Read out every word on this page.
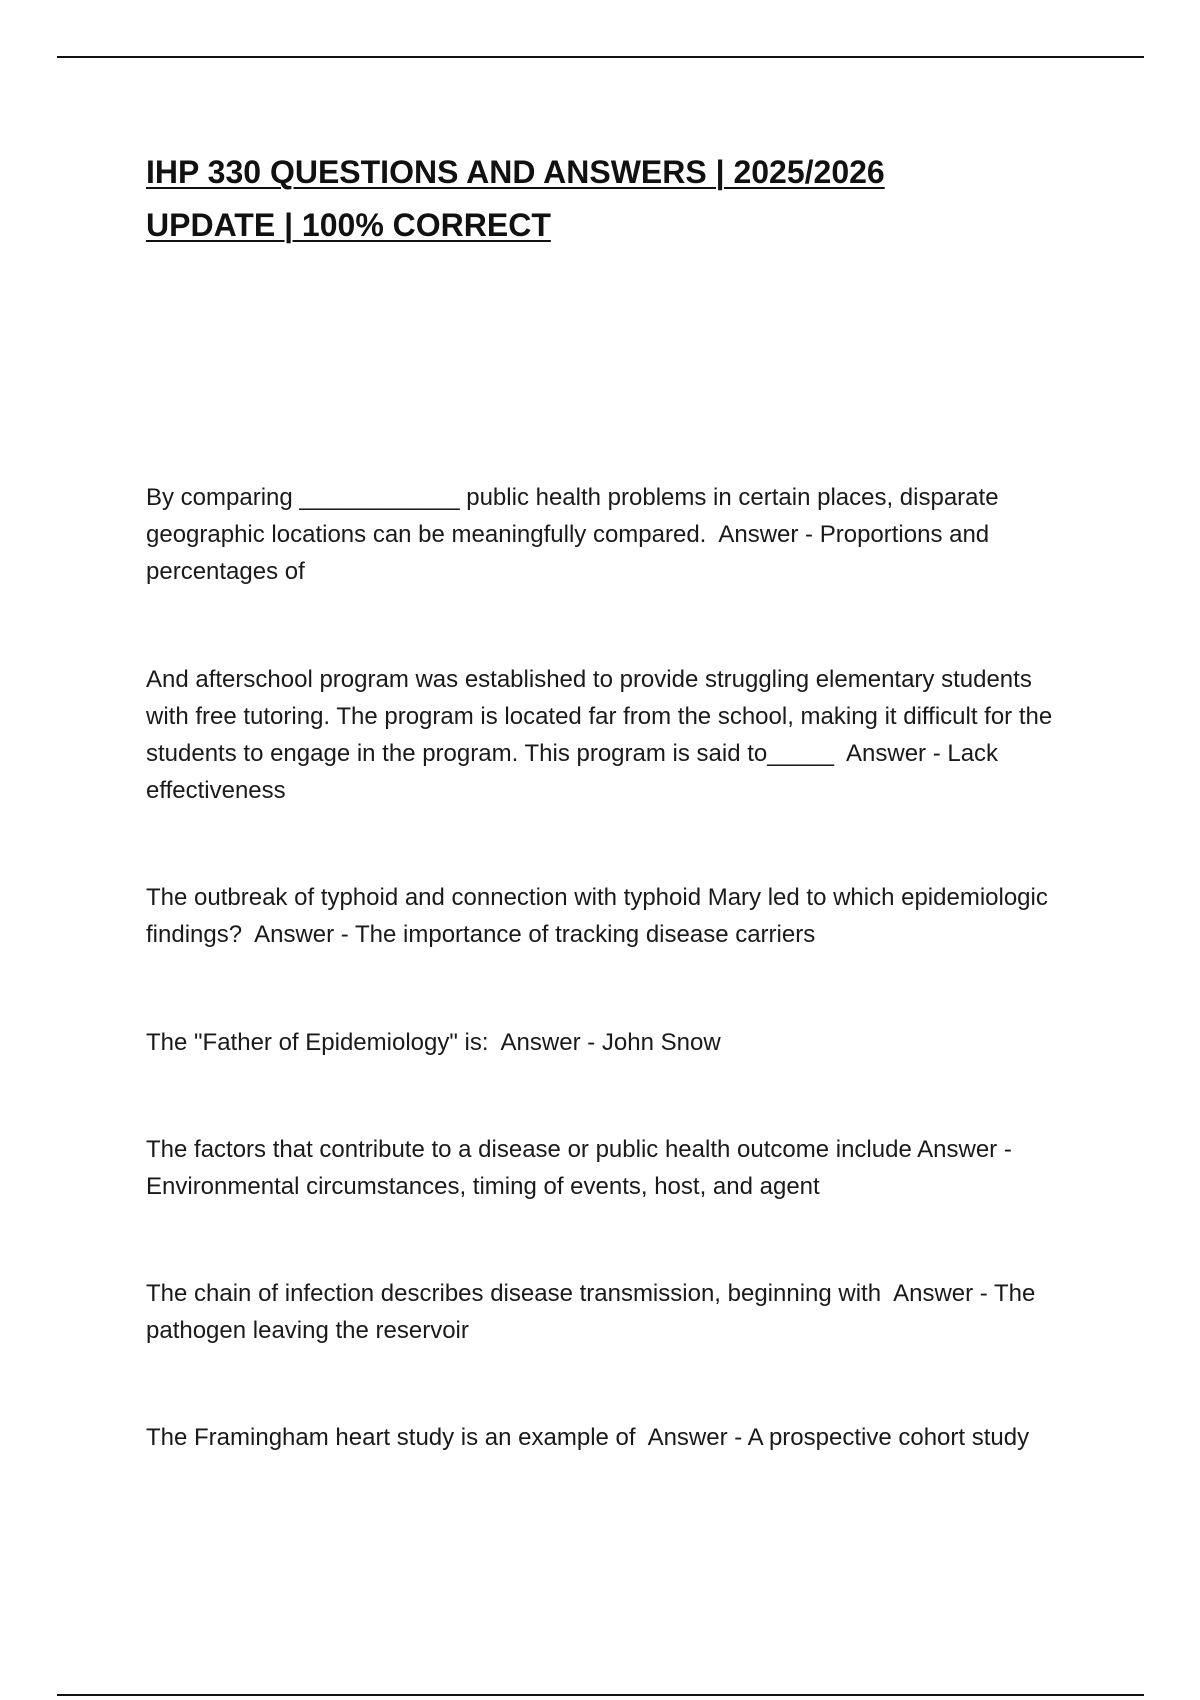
IHP 330 QUESTIONS AND ANSWERS | 2025/2026
UPDATE | 100% CORRECT

By comparing ____________ public health problems in certain places, disparate geographic locations can be meaningfully compared. Answer - Proportions and percentages of

And afterschool program was established to provide struggling elementary students with free tutoring. The program is located far from the school, making it difficult for the students to engage in the program. This program is said to_____ Answer - Lack effectiveness

The outbreak of typhoid and connection with typhoid Mary led to which epidemiologic findings? Answer - The importance of tracking disease carriers

The "Father of Epidemiology" is: Answer - John Snow

The factors that contribute to a disease or public health outcome include Answer - Environmental circumstances, timing of events, host, and agent

The chain of infection describes disease transmission, beginning with Answer - The pathogen leaving the reservoir

The Framingham heart study is an example of Answer - A prospective cohort study
